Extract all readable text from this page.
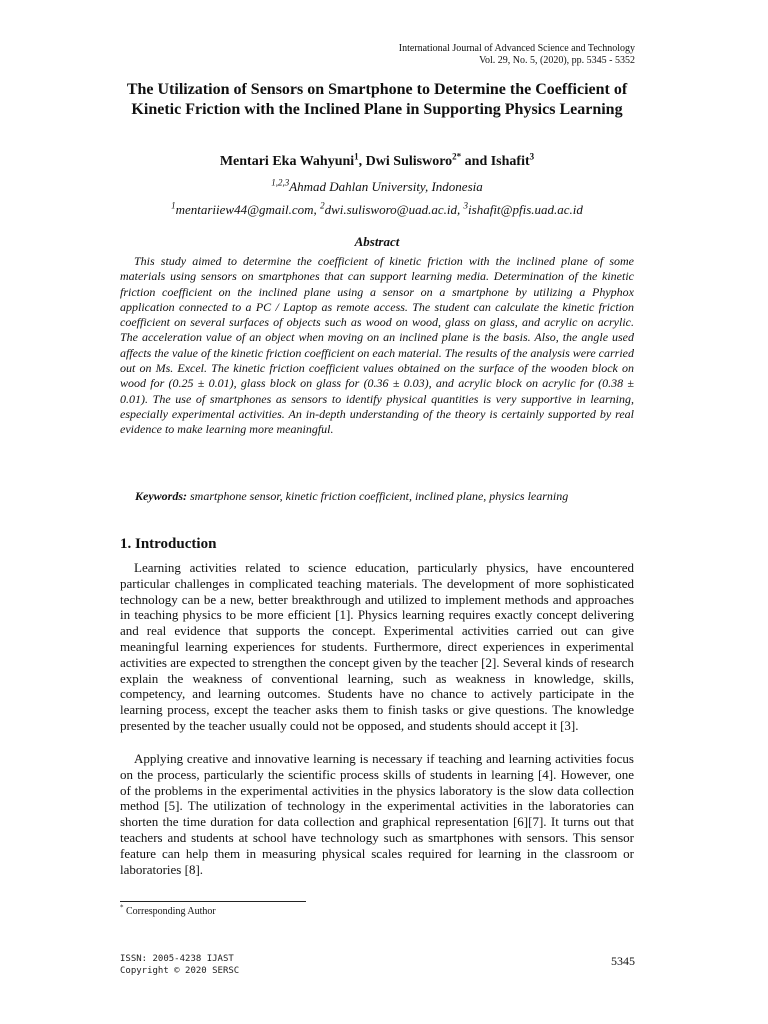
International Journal of Advanced Science and Technology
Vol. 29, No. 5, (2020), pp. 5345 - 5352
The Utilization of Sensors on Smartphone to Determine the Coefficient of Kinetic Friction with the Inclined Plane in Supporting Physics Learning
Mentari Eka Wahyuni$^1$, Dwi Sulisworo$^{2*}$ and Ishafit$^3$
$^{1,2,3}$Ahmad Dahlan University, Indonesia
$^1$mentariiew44@gmail.com, $^2$dwi.sulisworo@uad.ac.id, $^3$ishafit@pfis.uad.ac.id
Abstract

This study aimed to determine the coefficient of kinetic friction with the inclined plane of some materials using sensors on smartphones that can support learning media. Determination of the kinetic friction coefficient on the inclined plane using a sensor on a smartphone by utilizing a Phyphox application connected to a PC / Laptop as remote access. The student can calculate the kinetic friction coefficient on several surfaces of objects such as wood on wood, glass on glass, and acrylic on acrylic. The acceleration value of an object when moving on an inclined plane is the basis. Also, the angle used affects the value of the kinetic friction coefficient on each material. The results of the analysis were carried out on Ms. Excel. The kinetic friction coefficient values obtained on the surface of the wooden block on wood for (0.25 ± 0.01), glass block on glass for (0.36 ± 0.03), and acrylic block on acrylic for (0.38 ± 0.01). The use of smartphones as sensors to identify physical quantities is very supportive in learning, especially experimental activities. An in-depth understanding of the theory is certainly supported by real evidence to make learning more meaningful.

Keywords: smartphone sensor, kinetic friction coefficient, inclined plane, physics learning
1. Introduction

Learning activities related to science education, particularly physics, have encountered particular challenges in complicated teaching materials. The development of more sophisticated technology can be a new, better breakthrough and utilized to implement methods and approaches in teaching physics to be more efficient [1]. Physics learning requires exactly concept delivering and real evidence that supports the concept. Experimental activities carried out can give meaningful learning experiences for students. Furthermore, direct experiences in experimental activities are expected to strengthen the concept given by the teacher [2]. Several kinds of research explain the weakness of conventional learning, such as weakness in knowledge, skills, competency, and learning outcomes. Students have no chance to actively participate in the learning process, except the teacher asks them to finish tasks or give questions. The knowledge presented by the teacher usually could not be opposed, and students should accept it [3].

Applying creative and innovative learning is necessary if teaching and learning activities focus on the process, particularly the scientific process skills of students in learning [4]. However, one of the problems in the experimental activities in the physics laboratory is the slow data collection method [5]. The utilization of technology in the experimental activities in the laboratories can shorten the time duration for data collection and graphical representation [6][7]. It turns out that teachers and students at school have technology such as smartphones with sensors. This sensor feature can help them in measuring physical scales required for learning in the classroom or laboratories [8].

* Corresponding Author
ISSN: 2005-4238 IJAST
Copyright © 2020 SERSC
5345
